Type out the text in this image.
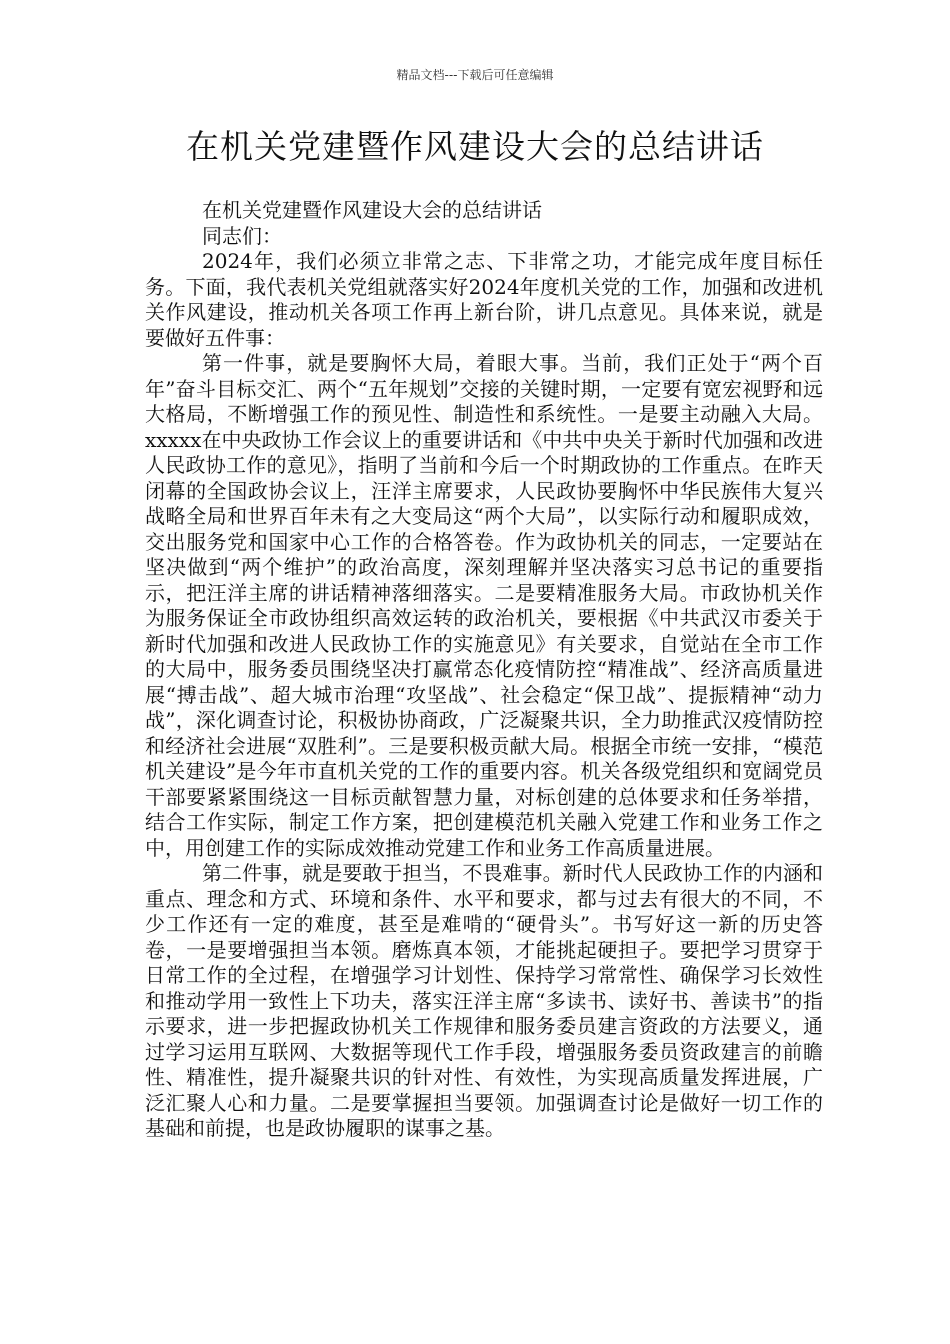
精品文档---下载后可任意编辑
在机关党建暨作风建设大会的总结讲话
在机关党建暨作风建设大会的总结讲话
同志们：

2024年，我们必须立非常之志、下非常之功，才能完成年度目标任务。下面，我代表机关党组就落实好2024年度机关党的工作，加强和改进机关作风建设，推动机关各项工作再上新台阶，讲几点意见。具体来说，就是要做好五件事：

第一件事，就是要胸怀大局，着眼大事。当前，我们正处于“两个百年”奋斗目标交汇、两个“五年规划”交接的关键时期，一定要有宽宏视野和远大格局，不断增强工作的预见性、制造性和系统性。一是要主动融入大局。xxxxx在中央政协工作会议上的重要讲话和《中共中央关于新时代加强和改进人民政协工作的意见》，指明了当前和今后一个时期政协的工作重点。在昨天闭幕的全国政协会议上，汪洋主席要求，人民政协要胸怀中华民族伟大复兴战略全局和世界百年未有之大变局这“两个大局”，以实际行动和履职成效，交出服务党和国家中心工作的合格答卷。作为政协机关的同志，一定要站在坚决做到“两个维护”的政治高度，深刻理解并坚决落实习总书记的重要指示，把汪洋主席的讲话精神落细落实。二是要精准服务大局。市政协机关作为服务保证全市政协组织高效运转的政治机关，要根据《中共武汉市委关于新时代加强和改进人民政协工作的实施意见》有关要求，自觉站在全市工作的大局中，服务委员围绕坚决打赢常态化疫情防控“精准战”、经济高质量进展“搏击战”、超大城市治理“攻坚战”、社会稳定“保卫战”、提振精神“动力战”，深化调查讨论，积极协协商政，广泛凝聚共识，全力助推武汉疫情防控和经济社会进展“双胜利”。三是要积极贡献大局。根据全市统一安排，“模范机关建设”是今年市直机关党的工作的重要内容。机关各级党组织和宽阔党员干部要紧紧围绕这一目标贡献智慧力量，对标创建的总体要求和任务举措，结合工作实际，制定工作方案，把创建模范机关融入党建工作和业务工作之中，用创建工作的实际成效推动党建工作和业务工作高质量进展。

第二件事，就是要敢于担当，不畏难事。新时代人民政协工作的内涵和重点、理念和方式、环境和条件、水平和要求，都与过去有很大的不同，不少工作还有一定的难度，甚至是难啃的“硬骨头”。书写好这一新的历史答卷，一是要增强担当本领。磨炼真本领，才能挑起硬担子。要把学习贯穿于日常工作的全过程，在增强学习计划性、保持学习常常性、确保学习长效性和推动学用一致性上下功夫，落实汪洋主席“多读书、读好书、善读书”的指示要求，进一步把握政协机关工作规律和服务委员建言资政的方法要义，通过学习运用互联网、大数据等现代工作手段，增强服务委员资政建言的前瞻性、精准性，提升凝聚共识的针对性、有效性，为实现高质量发挥进展，广泛汇聚人心和力量。二是要掌握担当要领。加强调查讨论是做好一切工作的基础和前提，也是政协履职的谋事之基。
